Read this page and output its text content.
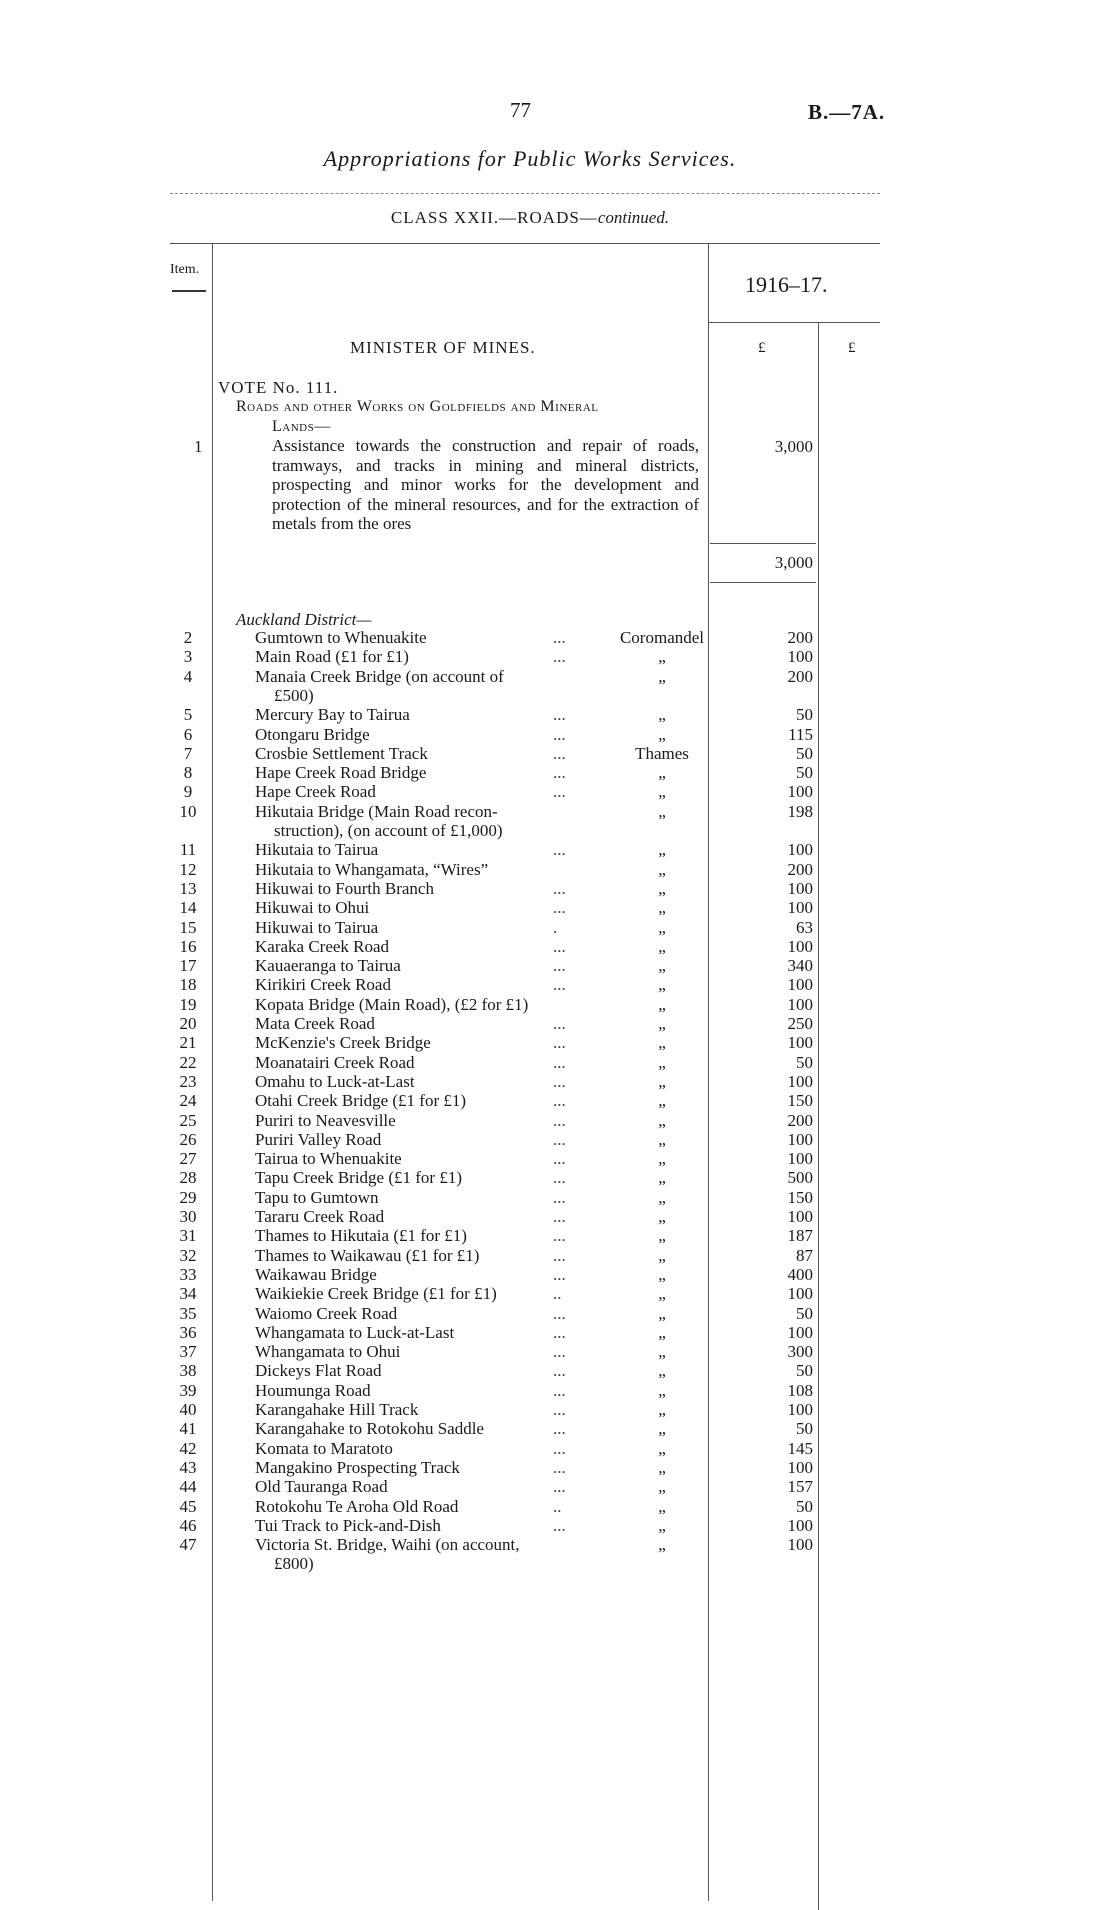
77	B.—7A.
Appropriations for Public Works Services.
CLASS XXII.—ROADS—continued.
Item.
1916–17.
£	£
MINISTER OF MINES.
VOTE No. 111.
Roads and other Works on Goldfields and Mineral
Lands—
1	Assistance towards the construction and repair of roads, tramways, and tracks in mining and mineral districts, prospecting and minor works for the development and protection of the mineral resources, and for the extraction of metals from the ores
3,000
3,000
Auckland District—
2	Gumtown to Whenuakite	...	Coromandel	200
3	Main Road (£1 for £1)	...	„	100
4	Manaia Creek Bridge (on account of	„	200
£500)
5	Mercury Bay to Tairua	...	„	50
6	Otongaru Bridge	...	„	115
7	Crosbie Settlement Track	...	Thames	50
8	Hape Creek Road Bridge	...	„	50
9	Hape Creek Road	...	„	100
10	Hikutaia Bridge (Main Road recon-	„	198
struction), (on account of £1,000)
11	Hikutaia to Tairua	...	„	100
12	Hikutaia to Whangamata, “Wires”	„	200
13	Hikuwai to Fourth Branch	...	„	100
14	Hikuwai to Ohui	...	„	100
15	Hikuwai to Tairua	.	„	63
16	Karaka Creek Road	...	„	100
17	Kauaeranga to Tairua	...	„	340
18	Kirikiri Creek Road	...	„	100
19	Kopata Bridge (Main Road), (£2 for £1)	„	100
20	Mata Creek Road	...	„	250
21	McKenzie's Creek Bridge	...	„	100
22	Moanatairi Creek Road	...	„	50
23	Omahu to Luck-at-Last	...	„	100
24	Otahi Creek Bridge (£1 for £1)	...	„	150
25	Puriri to Neavesville	...	„	200
26	Puriri Valley Road	...	„	100
27	Tairua to Whenuakite	...	„	100
28	Tapu Creek Bridge (£1 for £1)	...	„	500
29	Tapu to Gumtown	...	„	150
30	Tararu Creek Road	...	„	100
31	Thames to Hikutaia (£1 for £1)	...	„	187
32	Thames to Waikawau (£1 for £1)	...	„	87
33	Waikawau Bridge	...	„	400
34	Waikiekie Creek Bridge (£1 for £1)	..	„	100
35	Waiomo Creek Road	...	„	50
36	Whangamata to Luck-at-Last	...	„	100
37	Whangamata to Ohui	...	„	300
38	Dickeys Flat Road	...	„	50
39	Houmunga Road	...	„	108
40	Karangahake Hill Track	...	„	100
41	Karangahake to Rotokohu Saddle	...	„	50
42	Komata to Maratoto	...	„	145
43	Mangakino Prospecting Track	...	„	100
44	Old Tauranga Road	...	„	157
45	Rotokohu Te Aroha Old Road	..	„	50
46	Tui Track to Pick-and-Dish	...	„	100
47	Victoria St. Bridge, Waihi (on account,	„	100
£800)
